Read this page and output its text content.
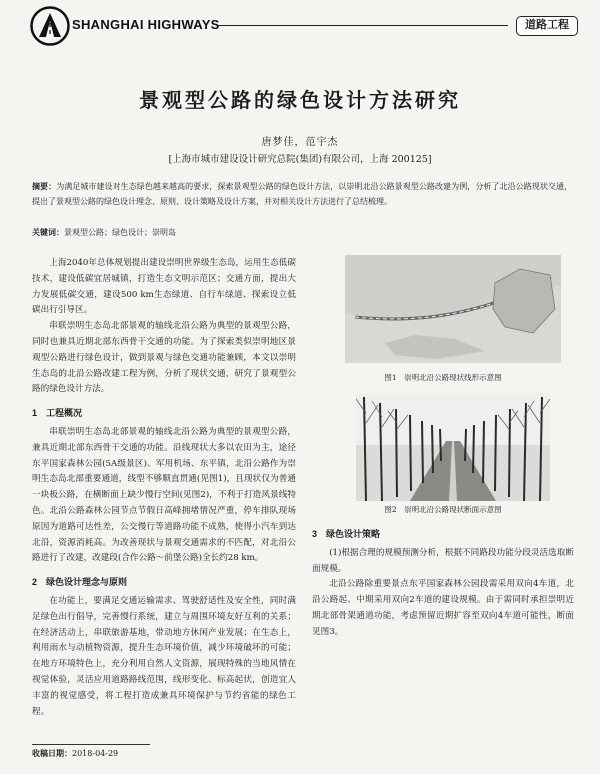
SHANGHAI HIGHWAYS	道路工程
景观型公路的绿色设计方法研究
唐梦佳，范宇杰
[上海市城市建设设计研究总院(集团)有限公司，上海 200125]
摘要：为满足城市建设对生态绿色越来越高的要求，探索景观型公路的绿色设计方法，以崇明北沿公路景观型公路改建为例，分析了北沿公路现状交通，提出了景观型公路的绿色设计理念、原则、设计策略及设计方案，并对相关设计方法进行了总结梳理。
关键词：景观型公路；绿色设计；崇明岛

上海2040年总体规划提出建设崇明世界级生态岛，运用生态低碳技术，建设低碳宜居城镇，打造生态文明示范区；交通方面，提出大力发展低碳交通，建设500 km生态绿道、自行车绿道、探索设立低碳出行引导区。

串联崇明生态岛北部景观的轴线北沿公路为典型的景观型公路，同时也兼具近期北部东西骨干交通的功能。为了探索类似崇明地区景观型公路进行绿色设计，做到景观与绿色交通功能兼顾，本文以崇明生态岛的北沿公路改建工程为例，分析了现状交通，研究了景观型公路的绿色设计方法。

1　工程概况

串联崇明生态岛北部景观的轴线北沿公路为典型的景观型公路，兼具近期北部东西骨干交通的功能。沿线现状大多以农田为主，途径东平国家森林公园(5A级景区)、军用机场、东平镇，北沿公路作为崇明生态岛北部重要通道，线型不够顺直贯通(见图1)，且现状仅为普通一块板公路，在横断面上缺少慢行空间(见图2)，不利于打造风景线特色。北沿公路森林公园节点节假日高峰拥堵情况严重，停车排队现场原因为道路可达性差，公交慢行等道路功能不成熟，使得小汽车到达北沿，资源消耗高。为改善现状与景观交通需求的不匹配，对北沿公路进行了改建，改建段(合作公路～前堡公路)全长约28 km。

2　绿色设计理念与原则

在功能上，要满足交通运输需求、驾驶舒适性及安全性，同时满足绿色出行倡导，完善慢行系统，建立与周围环境友好互利的关系；在经济活动上，串联旅游基地，带动地方休闲产业发展；在生态上，利用雨水与动植物资源，提升生态环境价值，减少环境破坏的可能；在地方环境特色上，充分利用自然人文资源，展现特殊的当地风情在视觉体验，灵活应用道路路线范围，线形变化、标高起伏，创造宜人丰富的视觉感受，将工程打造成兼具环境保护与节约省能的绿色工程。

图1　崇明北沿公路现状线形示意图
图2　崇明北沿公路现状断面示意图
3　绿色设计策略

(1)根据合理的规模预测分析，根据不同路段功能分段灵活选取断面规模。

北沿公路除重要景点东平国家森林公园段需采用双向4车道，北沿公路起、中期采用双向2车道的建设规模。由于需同时承担崇明近期北部骨架通道功能，考虑预留近期扩容至双向4车道可能性，断面见图3。

收稿日期：2018-04-29
